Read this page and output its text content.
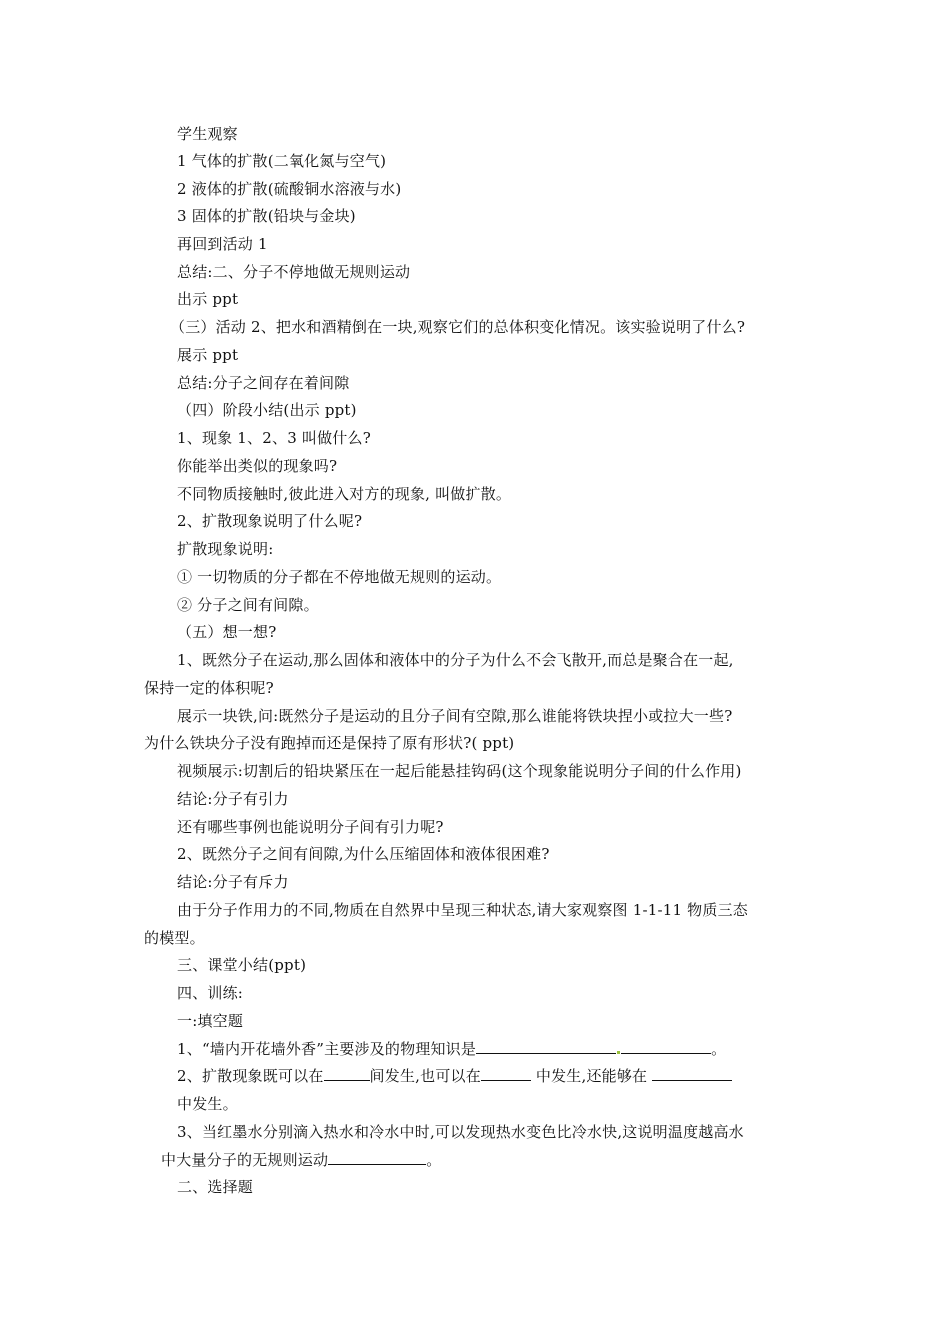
学生观察
1 气体的扩散(二氧化氮与空气)
2 液体的扩散(硫酸铜水溶液与水)
3 固体的扩散(铅块与金块)
再回到活动 1
总结:二、分子不停地做无规则运动
出示 ppt
（三）活动 2、把水和酒精倒在一块,观察它们的总体积变化情况。该实验说明了什么?
展示 ppt
总结:分子之间存在着间隙
（四）阶段小结(出示 ppt)
1、现象 1、2、3 叫做什么?
你能举出类似的现象吗?
不同物质接触时,彼此进入对方的现象, 叫做扩散。
2、扩散现象说明了什么呢?
扩散现象说明:
① 一切物质的分子都在不停地做无规则的运动。
② 分子之间有间隙。
（五）想一想?
1、既然分子在运动,那么固体和液体中的分子为什么不会飞散开,而总是聚合在一起,
保持一定的体积呢?
展示一块铁,问:既然分子是运动的且分子间有空隙,那么谁能将铁块捏小或拉大一些?
为什么铁块分子没有跑掉而还是保持了原有形状?( ppt)
视频展示:切割后的铅块紧压在一起后能悬挂钩码(这个现象能说明分子间的什么作用)
结论:分子有引力
还有哪些事例也能说明分子间有引力呢?
2、既然分子之间有间隙,为什么压缩固体和液体很困难?
结论:分子有斥力
由于分子作用力的不同,物质在自然界中呈现三种状态,请大家观察图 1-1-11 物质三态
的模型。
三、课堂小结(ppt)
四、训练:
一:填空题
1、“墙内开花墙外香”主要涉及的物理知识是	。
2、扩散现象既可以在	间发生,也可以在	中发生,还能够在
中发生。
3、当红墨水分别滴入热水和冷水中时,可以发现热水变色比冷水快,这说明温度越高水
中大量分子的无规则运动	。
二、选择题
